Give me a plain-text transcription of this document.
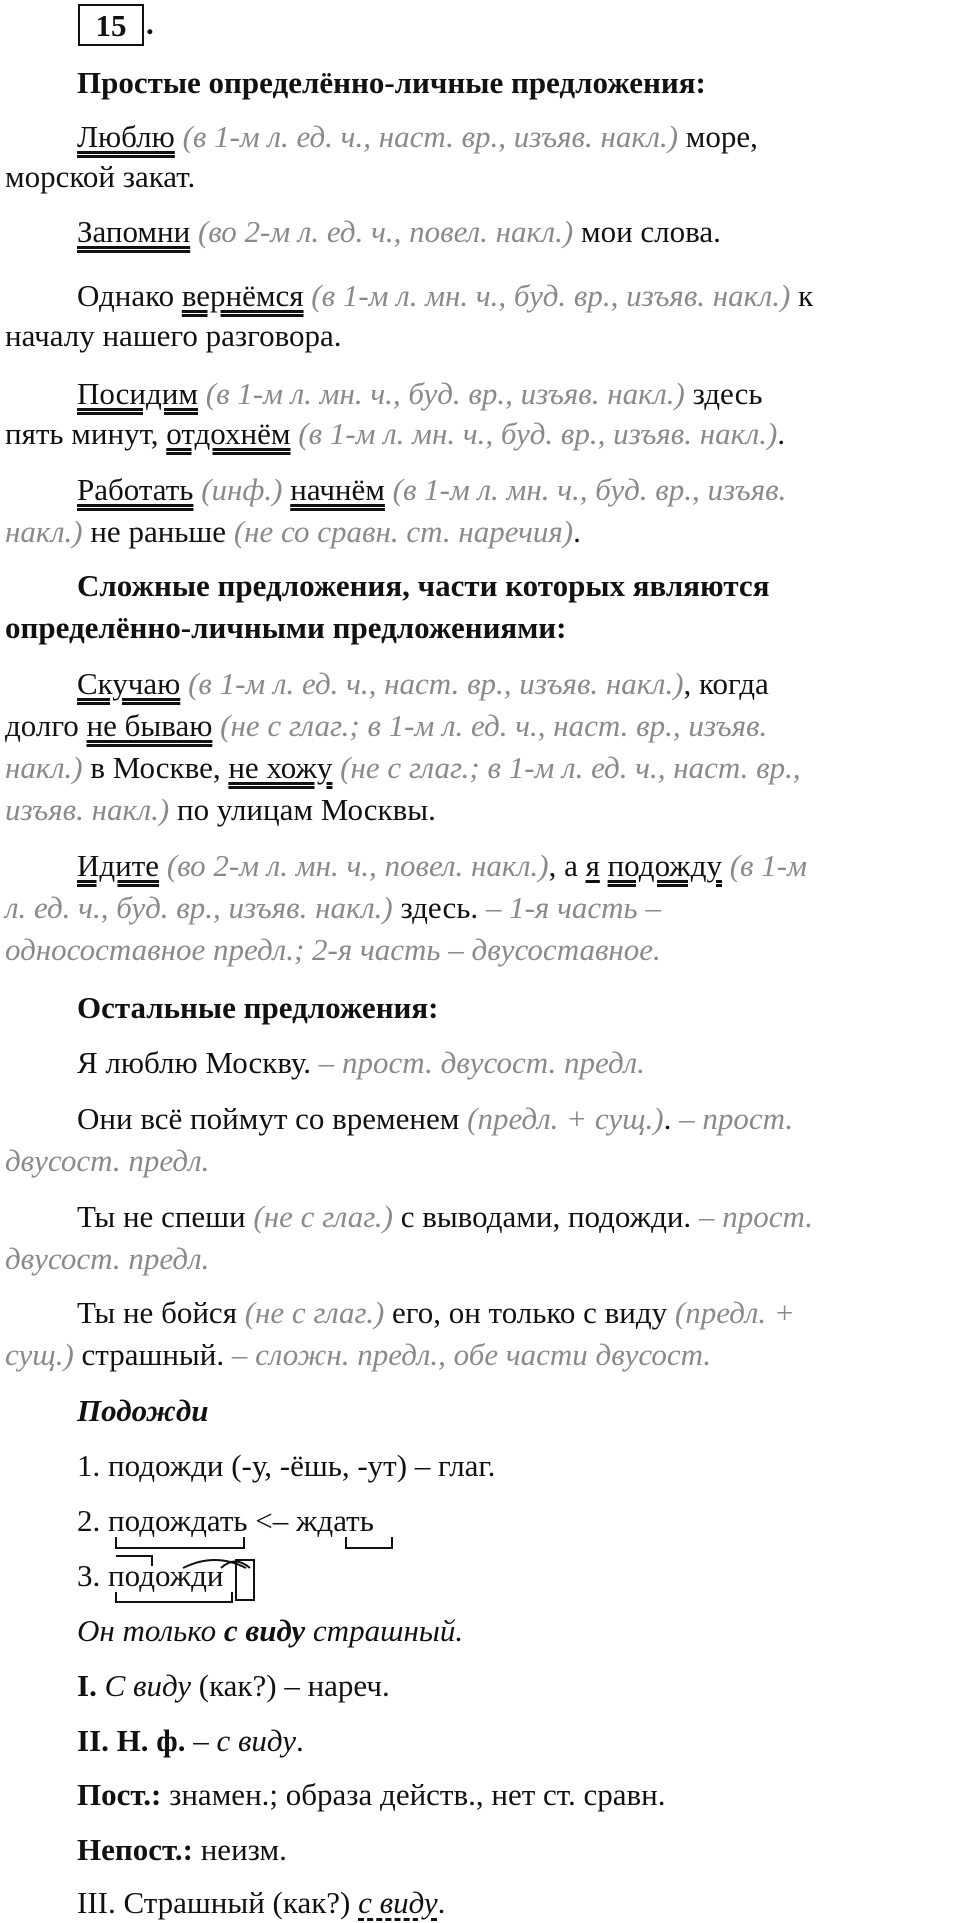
15 .
Простые определённо-личные предложения:
Люблю (в 1-м л. ед. ч., наст. вр., изъяв. накл.) море,
морской закат.
Запомни (во 2-м л. ед. ч., повел. накл.) мои слова.
Однако вернёмся (в 1-м л. мн. ч., буд. вр., изъяв. накл.) к
началу нашего разговора.
Посидим (в 1-м л. мн. ч., буд. вр., изъяв. накл.) здесь
пять минут, отдохнём (в 1-м л. мн. ч., буд. вр., изъяв. накл.).
Работать (инф.) начнём (в 1-м л. мн. ч., буд. вр., изъяв.
накл.) не раньше (не со сравн. ст. наречия).
Сложные предложения, части которых являются
определённо-личными предложениями:
Скучаю (в 1-м л. ед. ч., наст. вр., изъяв. накл.), когда
долго не бываю (не с глаг.; в 1-м л. ед. ч., наст. вр., изъяв.
накл.) в Москве, не хожу (не с глаг.; в 1-м л. ед. ч., наст. вр.,
изъяв. накл.) по улицам Москвы.
Идите (во 2-м л. мн. ч., повел. накл.), а я подожду (в 1-м
л. ед. ч., буд. вр., изъяв. накл.) здесь. – 1-я часть –
односоставное предл.; 2-я часть – двусоставное.
Остальные предложения:
Я люблю Москву. – прост. двусост. предл.
Они всё поймут со временем (предл. + сущ.). – прост.
двусост. предл.
Ты не спеши (не с глаг.) с выводами, подожди. – прост.
двусост. предл.
Ты не бойся (не с глаг.) его, он только с виду (предл. +
сущ.) страшный. – сложн. предл., обе части двусост.
Подожди
1. подожди (-у, -ёшь, -ут) – глаг.
2. подождать <– ждать
3. подожди
Он только с виду страшный.
I. С виду (как?) – нареч.
II. Н. ф. – с виду.
Пост.: знамен.; образа действ., нет ст. сравн.
Непост.: неизм.
III. Страшный (как?) с виду.
